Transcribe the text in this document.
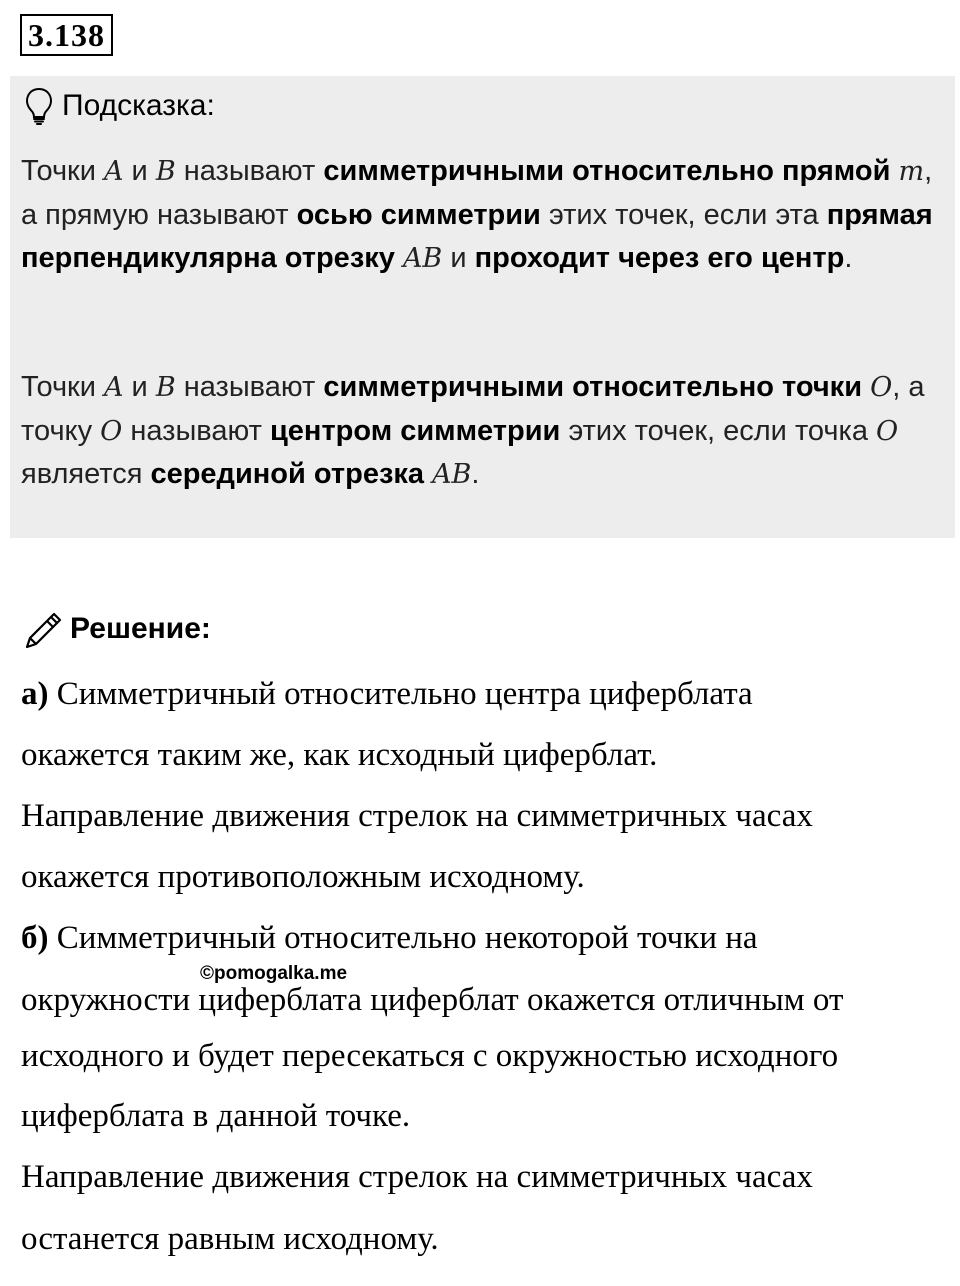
3.138
Подсказка:
Точки A и B называют симметричными относительно прямой m, а прямую называют осью симметрии этих точек, если эта прямая перпендикулярна отрезку AB и проходит через его центр.
Точки A и B называют симметричными относительно точки O, а точку O называют центром симметрии этих точек, если точка O является серединой отрезка AB.
Решение:
а) Симметричный относительно центра циферблата
окажется таким же, как исходный циферблат.
Направление движения стрелок на симметричных часах
окажется противоположным исходному.
б) Симметричный относительно некоторой точки на
окружности циферблата циферблат окажется отличным от
исходного и будет пересекаться с окружностью исходного
циферблата в данной точке.
Направление движения стрелок на симметричных часах
останется равным исходному.
©pomogalka.me
